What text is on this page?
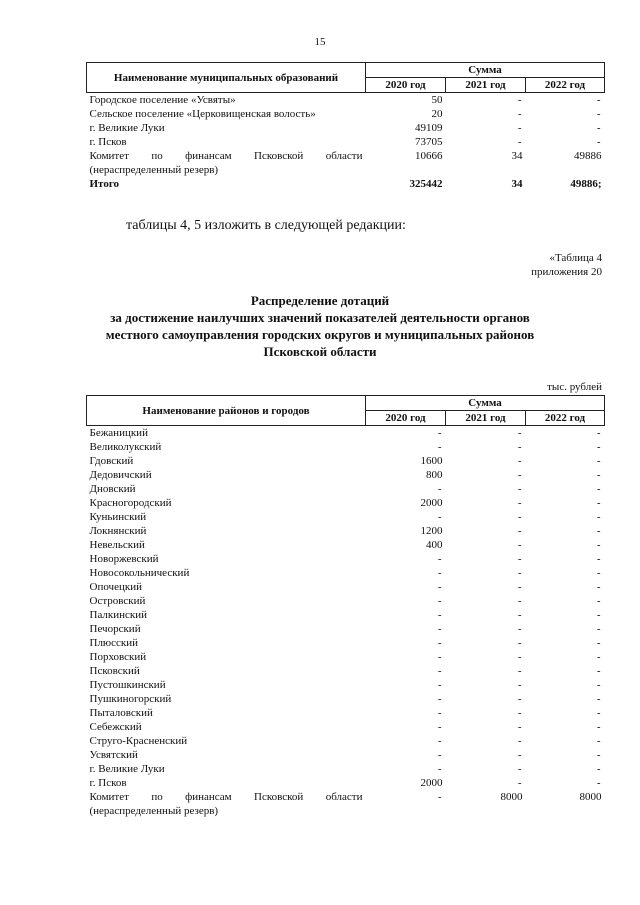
15
Наименование муниципальных образований	Сумма		
	2020 год	2021 год	2022 год
Городское поселение «Усвяты»	50	-	-
Сельское поселение «Церковищенская волость»	20	-	-
г. Великие Луки	49109	-	-
г. Псков	73705	-	-
Комитет по финансам Псковской области	10666	34	49886
(нераспределенный резерв)			
Итого	325442	34	49886;
таблицы 4, 5 изложить в следующей редакции:
«Таблица 4
приложения 20
Распределение дотаций
за достижение наилучших значений показателей деятельности органов
местного самоуправления городских округов и муниципальных районов
Псковской области
тыс. рублей
Наименование районов и городов	Сумма		
	2020 год	2021 год	2022 год
Бежаницкий	-	-	-
Великолукский	-	-	-
Гдовский	1600	-	-
Дедовичский	800	-	-
Дновский	-	-	-
Красногородский	2000	-	-
Куньинский	-	-	-
Локнянский	1200	-	-
Невельский	400	-	-
Новоржевский	-	-	-
Новосокольнический	-	-	-
Опочецкий	-	-	-
Островский	-	-	-
Палкинский	-	-	-
Печорский	-	-	-
Плюсский	-	-	-
Порховский	-	-	-
Псковский	-	-	-
Пустошкинский	-	-	-
Пушкиногорский	-	-	-
Пыталовский	-	-	-
Себежский	-	-	-
Струго-Красненский	-	-	-
Усвятский	-	-	-
г. Великие Луки	-	-	-
г. Псков	2000	-	-
Комитет по финансам Псковской области	-	8000	8000
(нераспределенный резерв)			
